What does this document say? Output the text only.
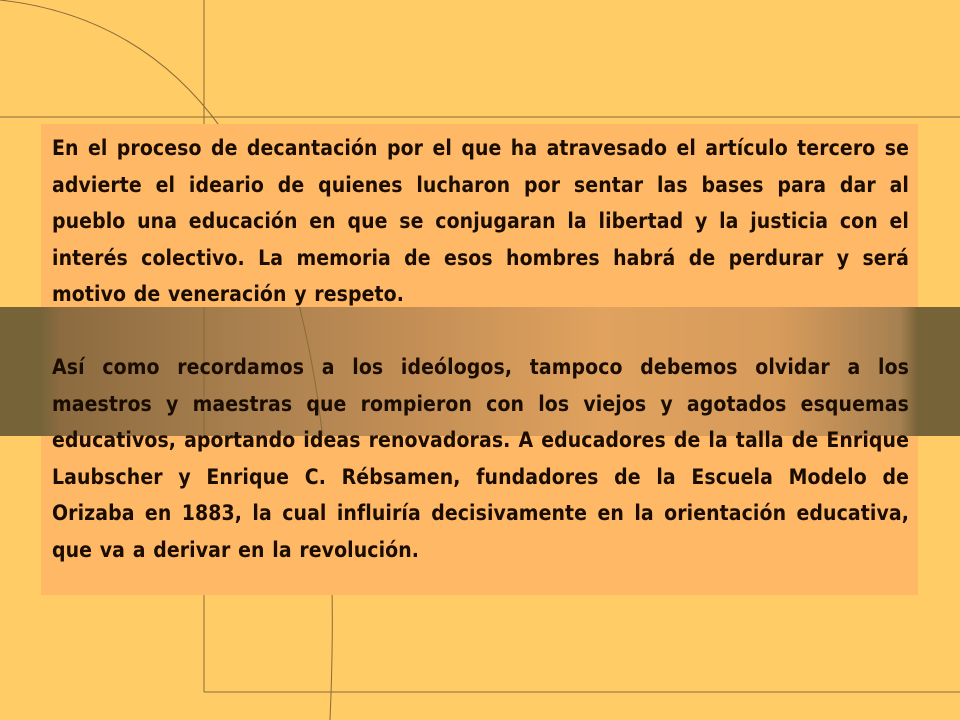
En el proceso de decantación por el que ha atravesado el artículo tercero se advierte el ideario de quienes lucharon por sentar las bases para dar al pueblo una educación en que se conjugaran la libertad y la justicia con el interés colectivo. La memoria de esos hombres habrá de perdurar y será motivo de veneración y respeto.

Así como recordamos a los ideólogos, tampoco debemos olvidar a los maestros y maestras que rompieron con los viejos y agotados esquemas educativos, aportando ideas renovadoras. A educadores de la talla de Enrique Laubscher y Enrique C. Rébsamen, fundadores de la Escuela Modelo de Orizaba en 1883, la cual influiría decisivamente en la orientación educativa, que va a derivar en la revolución.
